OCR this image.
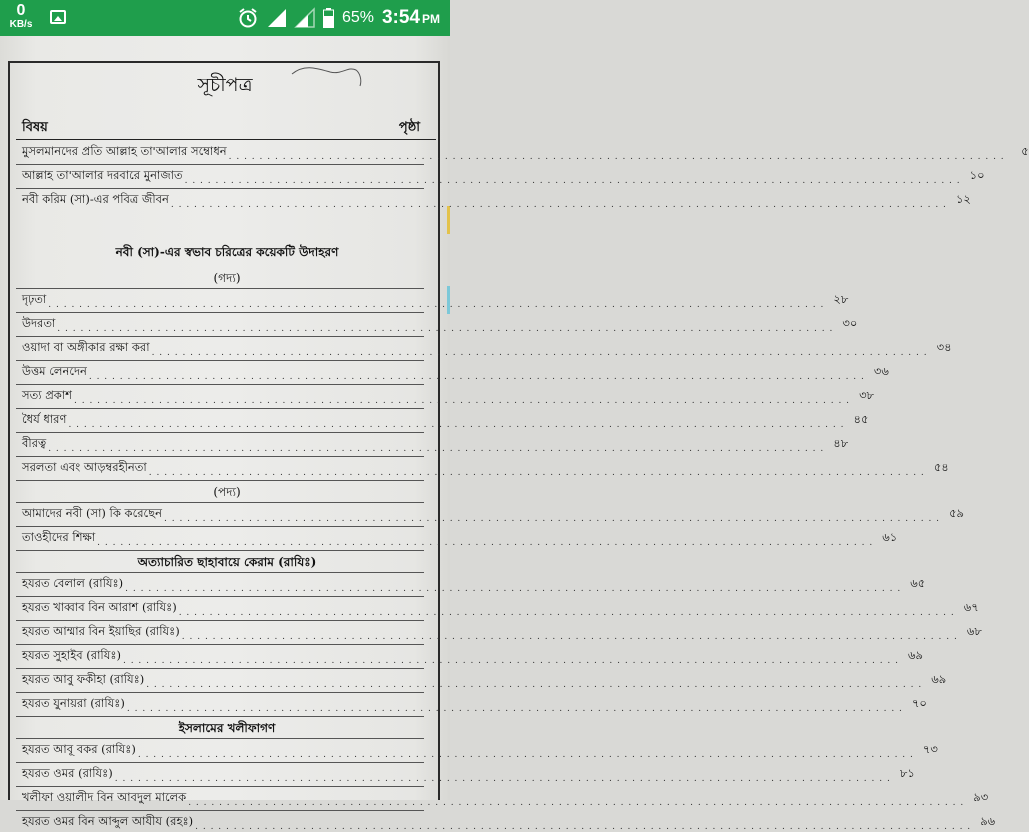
0
KB/s	65% 3:54 PM
সূচীপত্র
বিষয়	পৃষ্ঠা
মুসলমানদের প্রতি আল্লাহ তা'আলার সম্বোধন . . .	৫
আল্লাহ তা'আলার দরবারে মুনাজাত . . .	১০
নবী করিম (সা)-এর পবিত্র জীবন . . .	১২
নবী (সা)-এর স্বভাব চরিত্রের কয়েকটি উদাহরণ
(গদ্য)
দৃঢ়তা . . .	২৮
উদরতা . . .	৩০
ওয়াদা বা অঙ্গীকার রক্ষা করা . . .	৩৪
উত্তম লেনদেন . . .	৩৬
সত্য প্রকাশ . . .	৩৮
ধৈর্য ধারণ . . .	৪৫
বীরত্ব . . .	৪৮
সরলতা এবং আড়ম্বরহীনতা . . .	৫৪
(পদ্য)
আমাদের নবী (সা) কি করেছেন . . .	৫৯
তাওহীদের শিক্ষা . . .	৬১
অত্যাচারিত ছাহাবায়ে কেরাম (রাযিঃ)
হযরত বেলাল (রাযিঃ) . . .	৬৫
হযরত খাব্বাব বিন আরাশ (রাযিঃ) . . .	৬৭
হযরত আম্মার বিন ইয়াছির (রাযিঃ) . . .	৬৮
হযরত সুহাইব (রাযিঃ) . . .	৬৯
হযরত আবু ফকীহা (রাযিঃ) . . .	৬৯
হযরত যুনায়রা (রাযিঃ) . . .	৭০
ইসলামের খলীফাগণ
হযরত আবূ বকর (রাযিঃ) . . .	৭৩
হযরত ওমর (রাযিঃ) . . .	৮১
খলীফা ওয়ালীদ বিন আবদুল মালেক . . .	৯৩
হযরত ওমর বিন আব্দুল আযীয (রহঃ) . . .	৯৬
